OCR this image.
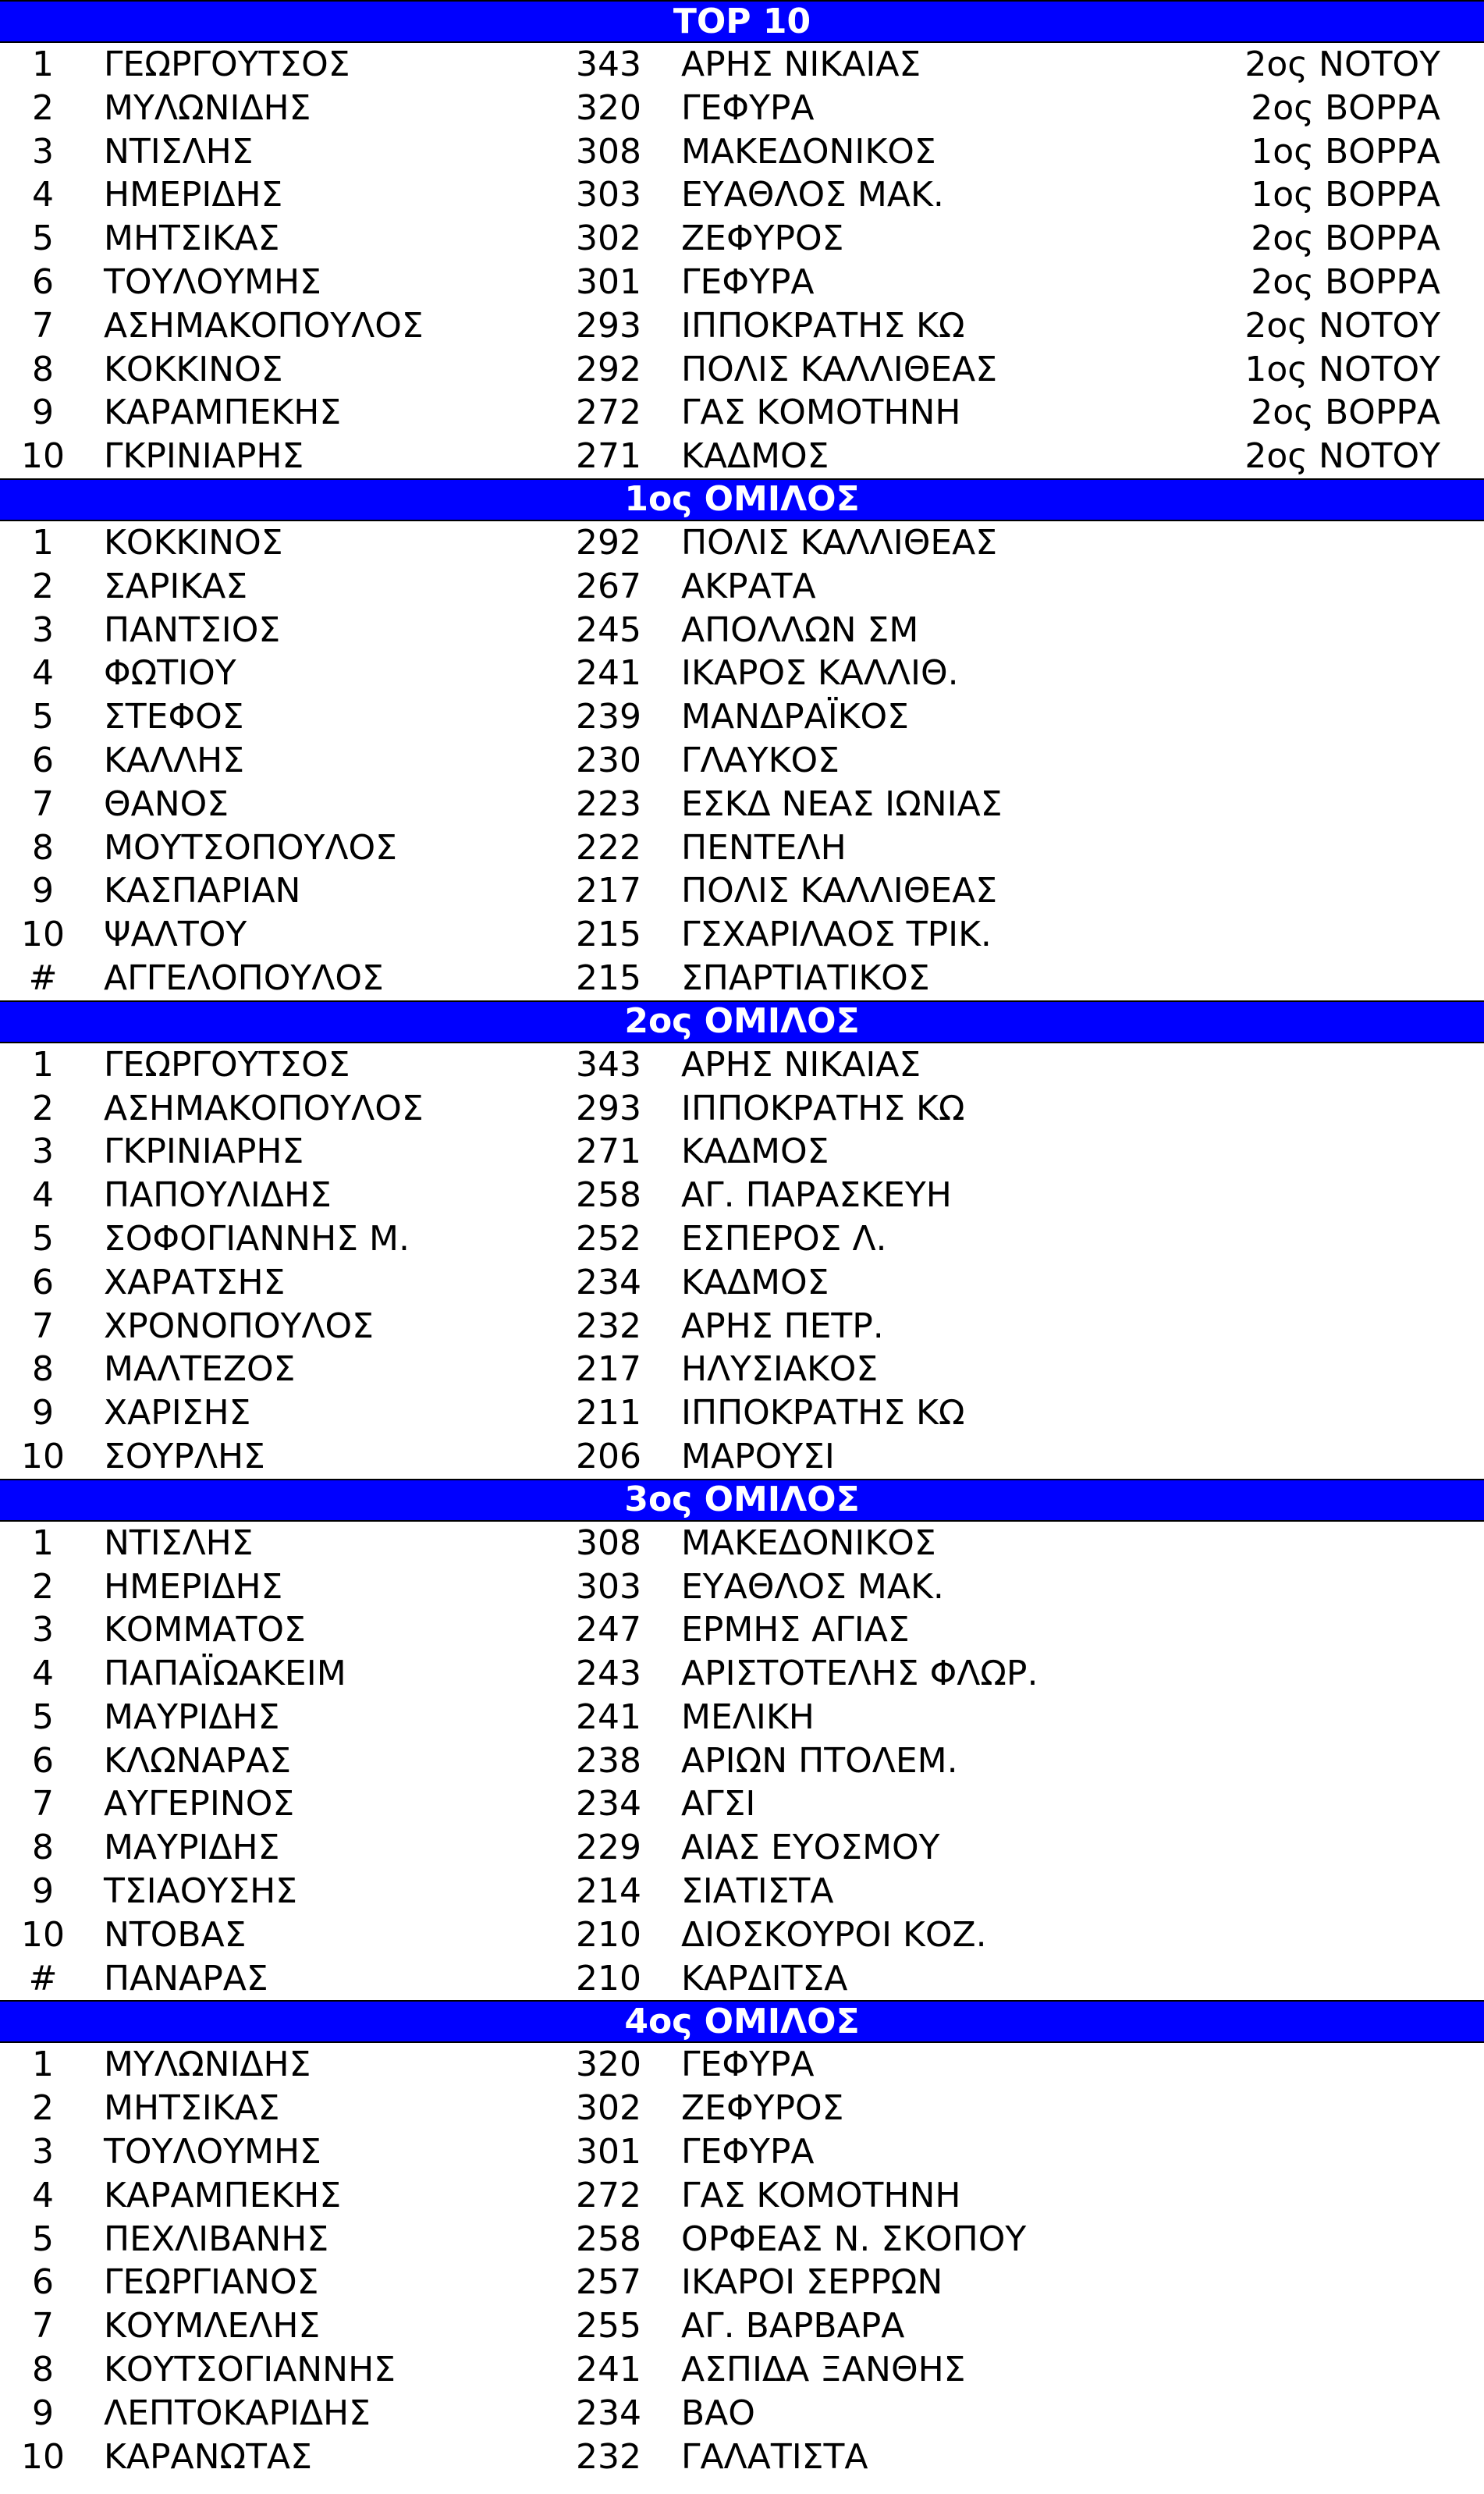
TOP 10
1	ΓΕΩΡΓΟΥΤΣΟΣ	343 ΑΡΗΣ ΝΙΚΑΙΑΣ	2ος ΝΟΤΟΥ
2	ΜΥΛΩΝΙΔΗΣ	320 ΓΕΦΥΡΑ	2ος ΒΟΡΡΑ
3	ΝΤΙΣΛΗΣ	308 ΜΑΚΕΔΟΝΙΚΟΣ	1ος ΒΟΡΡΑ
4	ΗΜΕΡΙΔΗΣ	303 ΕΥΑΘΛΟΣ ΜΑΚ.	1ος ΒΟΡΡΑ
5	ΜΗΤΣΙΚΑΣ	302 ΖΕΦΥΡΟΣ	2ος ΒΟΡΡΑ
6	ΤΟΥΛΟΥΜΗΣ	301 ΓΕΦΥΡΑ	2ος ΒΟΡΡΑ
7	ΑΣΗΜΑΚΟΠΟΥΛΟΣ	293 ΙΠΠΟΚΡΑΤΗΣ ΚΩ	2ος ΝΟΤΟΥ
8	ΚΟΚΚΙΝΟΣ	292 ΠΟΛΙΣ ΚΑΛΛΙΘΕΑΣ	1ος ΝΟΤΟΥ
9	ΚΑΡΑΜΠΕΚΗΣ	272 ΓΑΣ ΚΟΜΟΤΗΝΗ	2ος ΒΟΡΡΑ
10	ΓΚΡΙΝΙΑΡΗΣ	271 ΚΑΔΜΟΣ	2ος ΝΟΤΟΥ
1ος ΟΜΙΛΟΣ
1	ΚΟΚΚΙΝΟΣ	292 ΠΟΛΙΣ ΚΑΛΛΙΘΕΑΣ
2	ΣΑΡΙΚΑΣ	267 ΑΚΡΑΤΑ
3	ΠΑΝΤΣΙΟΣ	245 ΑΠΟΛΛΩΝ ΣΜ
4	ΦΩΤΙΟΥ	241 ΙΚΑΡΟΣ ΚΑΛΛΙΘ.
5	ΣΤΕΦΟΣ	239 ΜΑΝΔΡΑΪΚΟΣ
6	ΚΑΛΛΗΣ	230 ΓΛΑΥΚΟΣ
7	ΘΑΝΟΣ	223 ΕΣΚΔ ΝΕΑΣ ΙΩΝΙΑΣ
8	ΜΟΥΤΣΟΠΟΥΛΟΣ	222 ΠΕΝΤΕΛΗ
9	ΚΑΣΠΑΡΙΑΝ	217 ΠΟΛΙΣ ΚΑΛΛΙΘΕΑΣ
10	ΨΑΛΤΟΥ	215 ΓΣΧΑΡΙΛΑΟΣ ΤΡΙΚ.
#	ΑΓΓΕΛΟΠΟΥΛΟΣ	215 ΣΠΑΡΤΙΑΤΙΚΟΣ
2ος ΟΜΙΛΟΣ
1	ΓΕΩΡΓΟΥΤΣΟΣ	343 ΑΡΗΣ ΝΙΚΑΙΑΣ
2	ΑΣΗΜΑΚΟΠΟΥΛΟΣ	293 ΙΠΠΟΚΡΑΤΗΣ ΚΩ
3	ΓΚΡΙΝΙΑΡΗΣ	271 ΚΑΔΜΟΣ
4	ΠΑΠΟΥΛΙΔΗΣ	258 ΑΓ. ΠΑΡΑΣΚΕΥΗ
5	ΣΟΦΟΓΙΑΝΝΗΣ Μ.	252 ΕΣΠΕΡΟΣ Λ.
6	ΧΑΡΑΤΣΗΣ	234 ΚΑΔΜΟΣ
7	ΧΡΟΝΟΠΟΥΛΟΣ	232 ΑΡΗΣ ΠΕΤΡ.
8	ΜΑΛΤΕΖΟΣ	217 ΗΛΥΣΙΑΚΟΣ
9	ΧΑΡΙΣΗΣ	211 ΙΠΠΟΚΡΑΤΗΣ ΚΩ
10	ΣΟΥΡΛΗΣ	206 ΜΑΡΟΥΣΙ
3ος ΟΜΙΛΟΣ
1	ΝΤΙΣΛΗΣ	308 ΜΑΚΕΔΟΝΙΚΟΣ
2	ΗΜΕΡΙΔΗΣ	303 ΕΥΑΘΛΟΣ ΜΑΚ.
3	ΚΟΜΜΑΤΟΣ	247 ΕΡΜΗΣ ΑΓΙΑΣ
4	ΠΑΠΑΪΩΑΚΕΙΜ	243 ΑΡΙΣΤΟΤΕΛΗΣ ΦΛΩΡ.
5	ΜΑΥΡΙΔΗΣ	241 ΜΕΛΙΚΗ
6	ΚΛΩΝΑΡΑΣ	238 ΑΡΙΩΝ ΠΤΟΛΕΜ.
7	ΑΥΓΕΡΙΝΟΣ	234 ΑΓΣΙ
8	ΜΑΥΡΙΔΗΣ	229 ΑΙΑΣ ΕΥΟΣΜΟΥ
9	ΤΣΙΑΟΥΣΗΣ	214 ΣΙΑΤΙΣΤΑ
10	ΝΤΟΒΑΣ	210 ΔΙΟΣΚΟΥΡΟΙ ΚΟΖ.
#	ΠΑΝΑΡΑΣ	210 ΚΑΡΔΙΤΣΑ
4ος ΟΜΙΛΟΣ
1	ΜΥΛΩΝΙΔΗΣ	320 ΓΕΦΥΡΑ
2	ΜΗΤΣΙΚΑΣ	302 ΖΕΦΥΡΟΣ
3	ΤΟΥΛΟΥΜΗΣ	301 ΓΕΦΥΡΑ
4	ΚΑΡΑΜΠΕΚΗΣ	272 ΓΑΣ ΚΟΜΟΤΗΝΗ
5	ΠΕΧΛΙΒΑΝΗΣ	258 ΟΡΦΕΑΣ Ν. ΣΚΟΠΟΥ
6	ΓΕΩΡΓΙΑΝΟΣ	257 ΙΚΑΡΟΙ ΣΕΡΡΩΝ
7	ΚΟΥΜΛΕΛΗΣ	255 ΑΓ. ΒΑΡΒΑΡΑ
8	ΚΟΥΤΣΟΓΙΑΝΝΗΣ	241 ΑΣΠΙΔΑ ΞΑΝΘΗΣ
9	ΛΕΠΤΟΚΑΡΙΔΗΣ	234 ΒΑΟ
10	ΚΑΡΑΝΩΤΑΣ	232 ΓΑΛΑΤΙΣΤΑ
